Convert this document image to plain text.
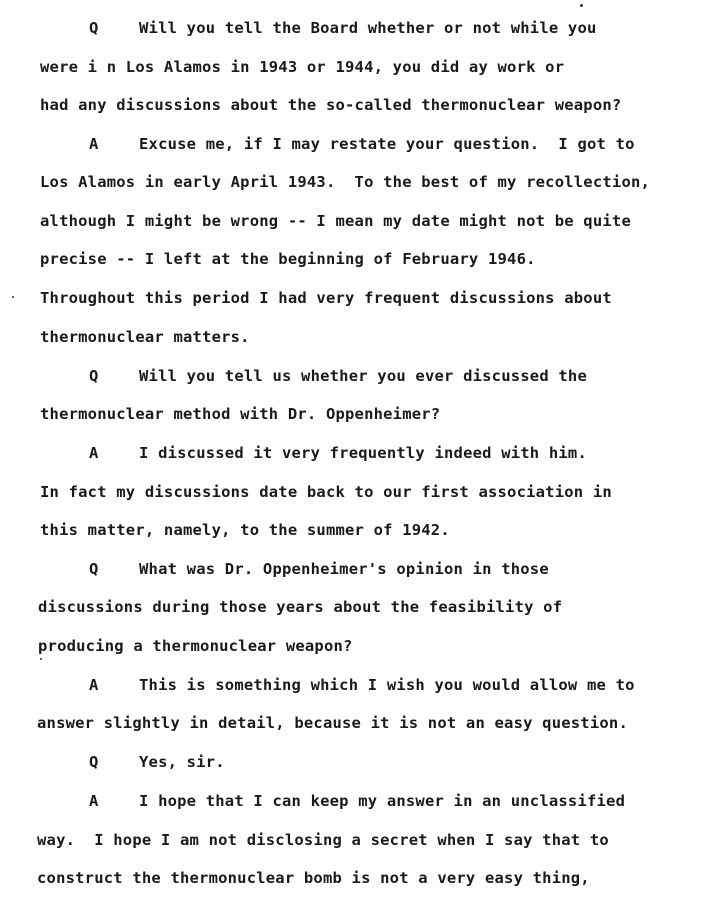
Q	Will you tell the Board whether or not while you
were i n Los Alamos in 1943 or 1944, you did ay work or
had any discussions about the so-called thermonuclear weapon?
A	Excuse me, if I may restate your question.  I got to
Los Alamos in early April 1943.  To the best of my recollection,
although I might be wrong -- I mean my date might not be quite
precise -- I left at the beginning of February 1946.
Throughout this period I had very frequent discussions about
thermonuclear matters.
Q	Will you tell us whether you ever discussed the
thermonuclear method with Dr. Oppenheimer?
A	I discussed it very frequently indeed with him.
In fact my discussions date back to our first association in
this matter, namely, to the summer of 1942.
Q	What was Dr. Oppenheimer's opinion in those
discussions during those years about the feasibility of
producing a thermonuclear weapon?
A	This is something which I wish you would allow me to
answer slightly in detail, because it is not an easy question.
Q	Yes, sir.
A	I hope that I can keep my answer in an unclassified
way.  I hope I am not disclosing a secret when I say that to
construct the thermonuclear bomb is not a very easy thing,
